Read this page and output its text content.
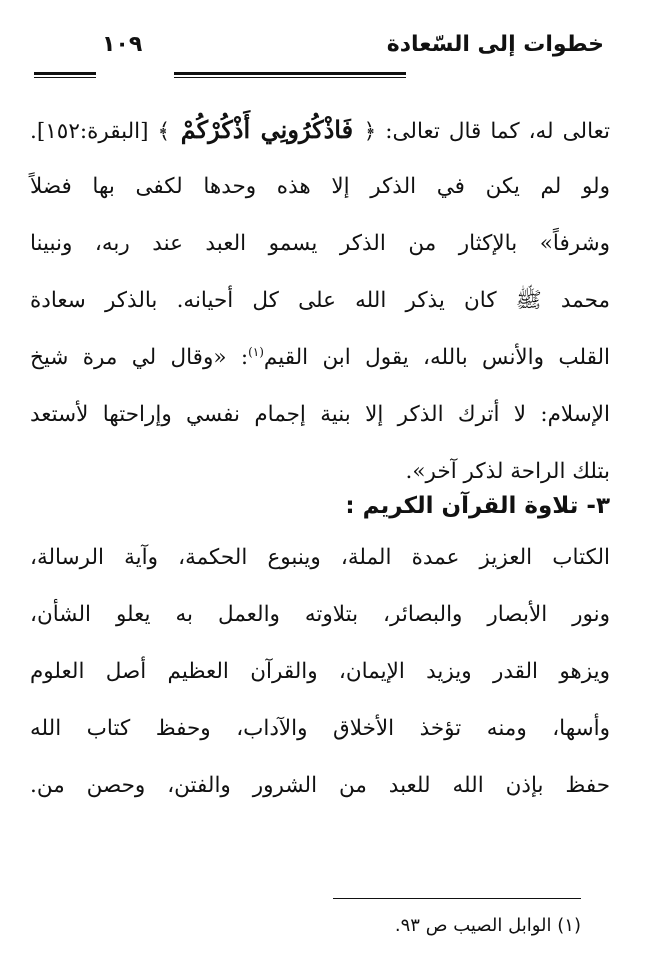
خطوات إلى السّعادة
١٠٩
تعالى له، كما قال تعالى: ﴿ فَاذْكُرُونِي أَذْكُرْكُمْ ﴾ [البقرة:١٥٢].
ولو لم يكن في الذكر إلا هذه وحدها لكفى بها فضلاً
وشرفاً» بالإكثار من الذكر يسمو العبد عند ربه، ونبينا
محمد ﷺ كان يذكر الله على كل أحيانه. بالذكر سعادة
القلب والأنس بالله، يقول ابن القيم$^{(١)}$: «وقال لي مرة شيخ
الإسلام: لا أترك الذكر إلا بنية إجمام نفسي وإراحتها لأستعد
بتلك الراحة لذكر آخر».
٣- تلاوة القرآن الكريم :
الكتاب العزيز عمدة الملة، وينبوع الحكمة، وآية الرسالة،
ونور الأبصار والبصائر، بتلاوته والعمل به يعلو الشأن،
ويزهو القدر ويزيد الإيمان، والقرآن العظيم أصل العلوم
وأسها، ومنه تؤخذ الأخلاق والآداب، وحفظ كتاب الله
حفظ بإذن الله للعبد من الشرور والفتن، وحصن من.
(١) الوابل الصيب ص ٩٣.
